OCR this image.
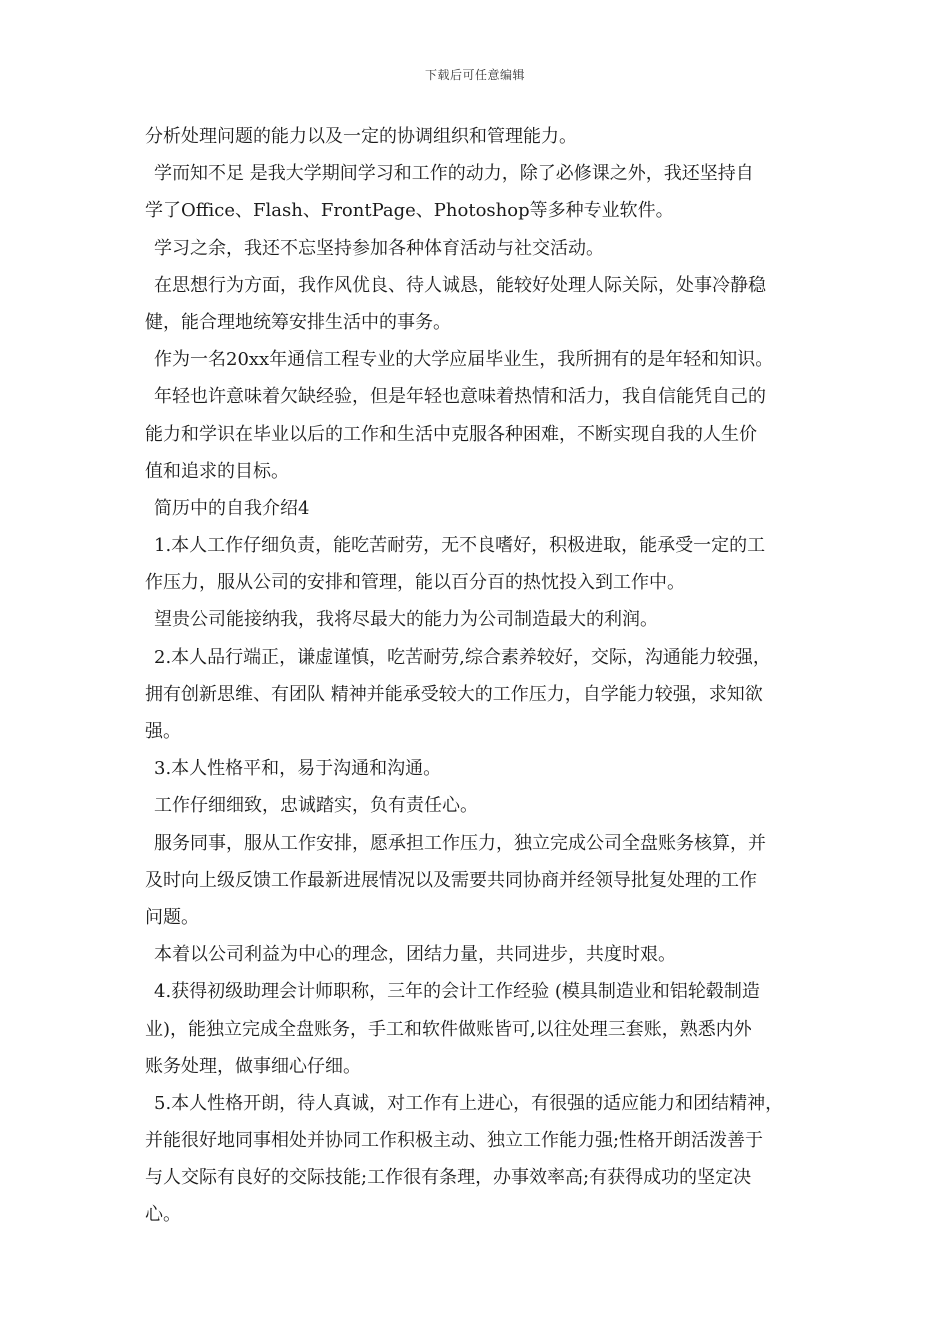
下载后可任意编辑
分析处理问题的能力以及一定的协调组织和管理能力。
学而知不足 是我大学期间学习和工作的动力，除了必修课之外，我还坚持自
学了Office、Flash、FrontPage、Photoshop等多种专业软件。
学习之余，我还不忘坚持参加各种体育活动与社交活动。
在思想行为方面，我作风优良、待人诚恳，能较好处理人际关际，处事冷静稳
健，能合理地统筹安排生活中的事务。
作为一名20xx年通信工程专业的大学应届毕业生，我所拥有的是年轻和知识。
年轻也许意味着欠缺经验，但是年轻也意味着热情和活力，我自信能凭自己的
能力和学识在毕业以后的工作和生活中克服各种困难，不断实现自我的人生价
值和追求的目标。
简历中的自我介绍4
1.本人工作仔细负责，能吃苦耐劳，无不良嗜好，积极进取，能承受一定的工
作压力，服从公司的安排和管理，能以百分百的热忱投入到工作中。
望贵公司能接纳我，我将尽最大的能力为公司制造最大的利润。
2.本人品行端正，谦虚谨慎，吃苦耐劳,综合素养较好，交际，沟通能力较强，
拥有创新思维、有团队 精神并能承受较大的工作压力，自学能力较强，求知欲
强。
3.本人性格平和，易于沟通和沟通。
工作仔细细致，忠诚踏实，负有责任心。
服务同事，服从工作安排，愿承担工作压力，独立完成公司全盘账务核算，并
及时向上级反馈工作最新进展情况以及需要共同协商并经领导批复处理的工作
问题。
本着以公司利益为中心的理念，团结力量，共同进步，共度时艰。
4.获得初级助理会计师职称，三年的会计工作经验 (模具制造业和铝轮毂制造
业)，能独立完成全盘账务，手工和软件做账皆可,以往处理三套账，熟悉内外
账务处理，做事细心仔细。
5.本人性格开朗，待人真诚，对工作有上进心，有很强的适应能力和团结精神，
并能很好地同事相处并协同工作积极主动、独立工作能力强;性格开朗活泼善于
与人交际有良好的交际技能;工作很有条理，办事效率高;有获得成功的坚定决
心。
